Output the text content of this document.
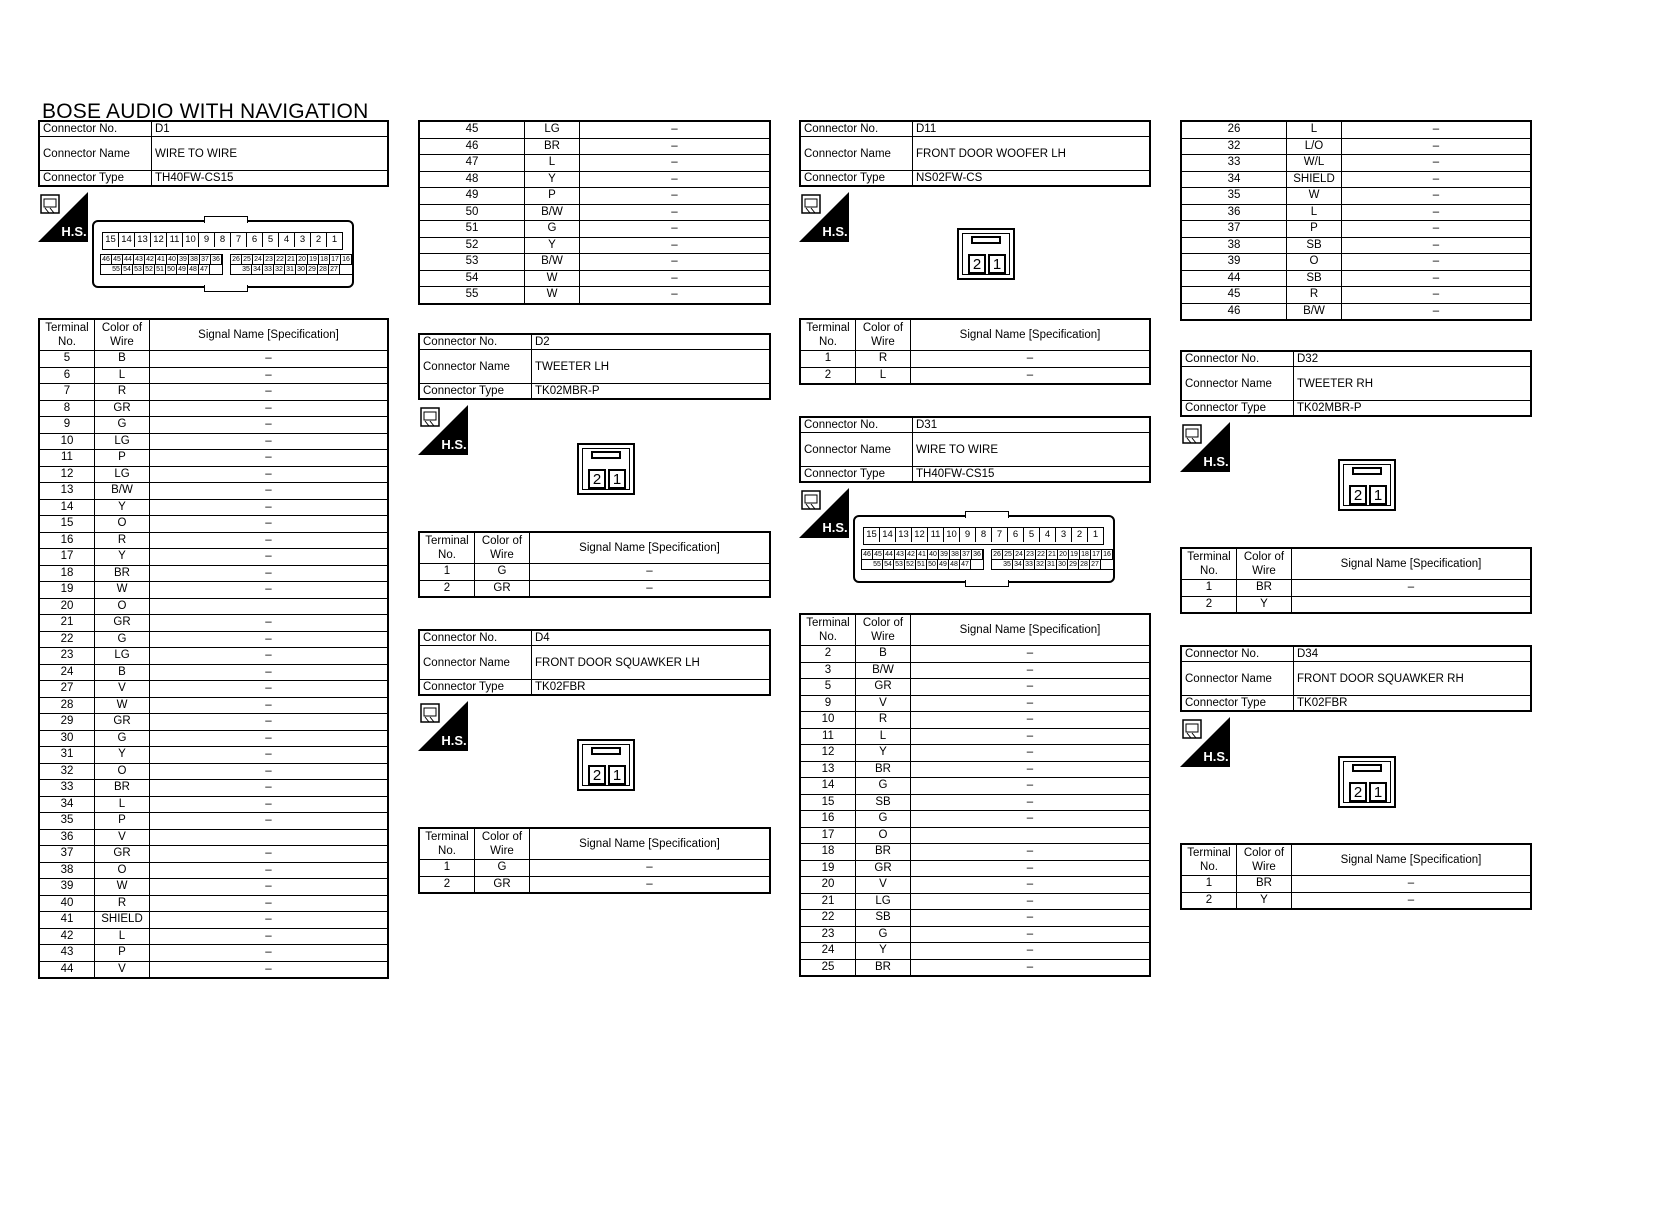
BOSE AUDIO WITH NAVIGATION
Connector No.	D1
Connector Name	WIRE TO WIRE
Connector Type	TH40FW-CS15
H.S.
15 14 13 12 11 10 9	8	7	6	5	4	3	2	1
46 45 44 43 42 41 40 39 38 37 36
55 54 53 52 51 50 49 48 47
26 25 24 23 22 21 20 19 18 17 16
35 34 33 32 31 30 29 28 27
Terminal No.	Color of Wire	Signal Name [Specification]
5	B	–
6	L	–
7	R	–
8	GR	–
9	G	–
10	LG	–
11	P	–
12	LG	–
13	B/W	–
14	Y	–
15	O	–
16	R	–
17	Y	–
18	BR	–
19	W	–
20	O	
21	GR	–
22	G	–
23	LG	–
24	B	–
27	V	–
28	W	–
29	GR	–
30	G	–
31	Y	–
32	O	–
33	BR	–
34	L	–
35	P	–
36	V	
37	GR	–
38	O	–
39	W	–
40	R	–
41	SHIELD	–
42	L	–
43	P	–
44	V	–
45	LG	–
46	BR	–
47	L	–
48	Y	–
49	P	–
50	B/W	–
51	G	–
52	Y	–
53	B/W	–
54	W	–
55	W	–
Connector No.	D2
Connector Name	TWEETER LH
Connector Type	TK02MBR-P
H.S.
2 1
Terminal No.	Color of Wire	Signal Name [Specification]
1	G	–
2	GR	–
Connector No.	D4
Connector Name	FRONT DOOR SQUAWKER LH
Connector Type	TK02FBR
H.S.
2 1
Terminal No.	Color of Wire	Signal Name [Specification]
1	G	–
2	GR	–
Connector No.	D11
Connector Name	FRONT DOOR WOOFER LH
Connector Type	NS02FW-CS
H.S.
2 1
Terminal No.	Color of Wire	Signal Name [Specification]
1	R	–
2	L	–
Connector No.	D31
Connector Name	WIRE TO WIRE
Connector Type	TH40FW-CS15
H.S. 15 14 13 12 11 10 9	8	7	6	5	4	3	2	1
46 45 44 43 42 41 40 39 38 37 36
55 54 53 52 51 50 49 48 47
26 25 24 23 22 21 20 19 18 17 16
35 34 33 32 31 30 29 28 27
Terminal No.	Color of Wire	Signal Name [Specification]
2	B	–
3	B/W	–
5	GR	–
9	V	–
10	R	–
11	L	–
12	Y	–
13	BR	–
14	G	–
15	SB	–
16	G	–
17	O	
18	BR	–
19	GR	–
20	V	–
21	LG	–
22	SB	–
23	G	–
24	Y	–
25	BR	–
26	L	–
32	L/O	–
33	W/L	–
34	SHIELD	–
35	W	–
36	L	–
37	P	–
38	SB	–
39	O	–
44	SB	–
45	R	–
46	B/W	–
Connector No.	D32
Connector Name	TWEETER RH
Connector Type	TK02MBR-P
H.S.
2 1
Terminal No.	Color of Wire	Signal Name [Specification]
1	BR	–
2	Y	
Connector No.	D34
Connector Name	FRONT DOOR SQUAWKER RH
Connector Type	TK02FBR
H.S.
2 1
Terminal No.	Color of Wire	Signal Name [Specification]
1	BR	–
2	Y	–
